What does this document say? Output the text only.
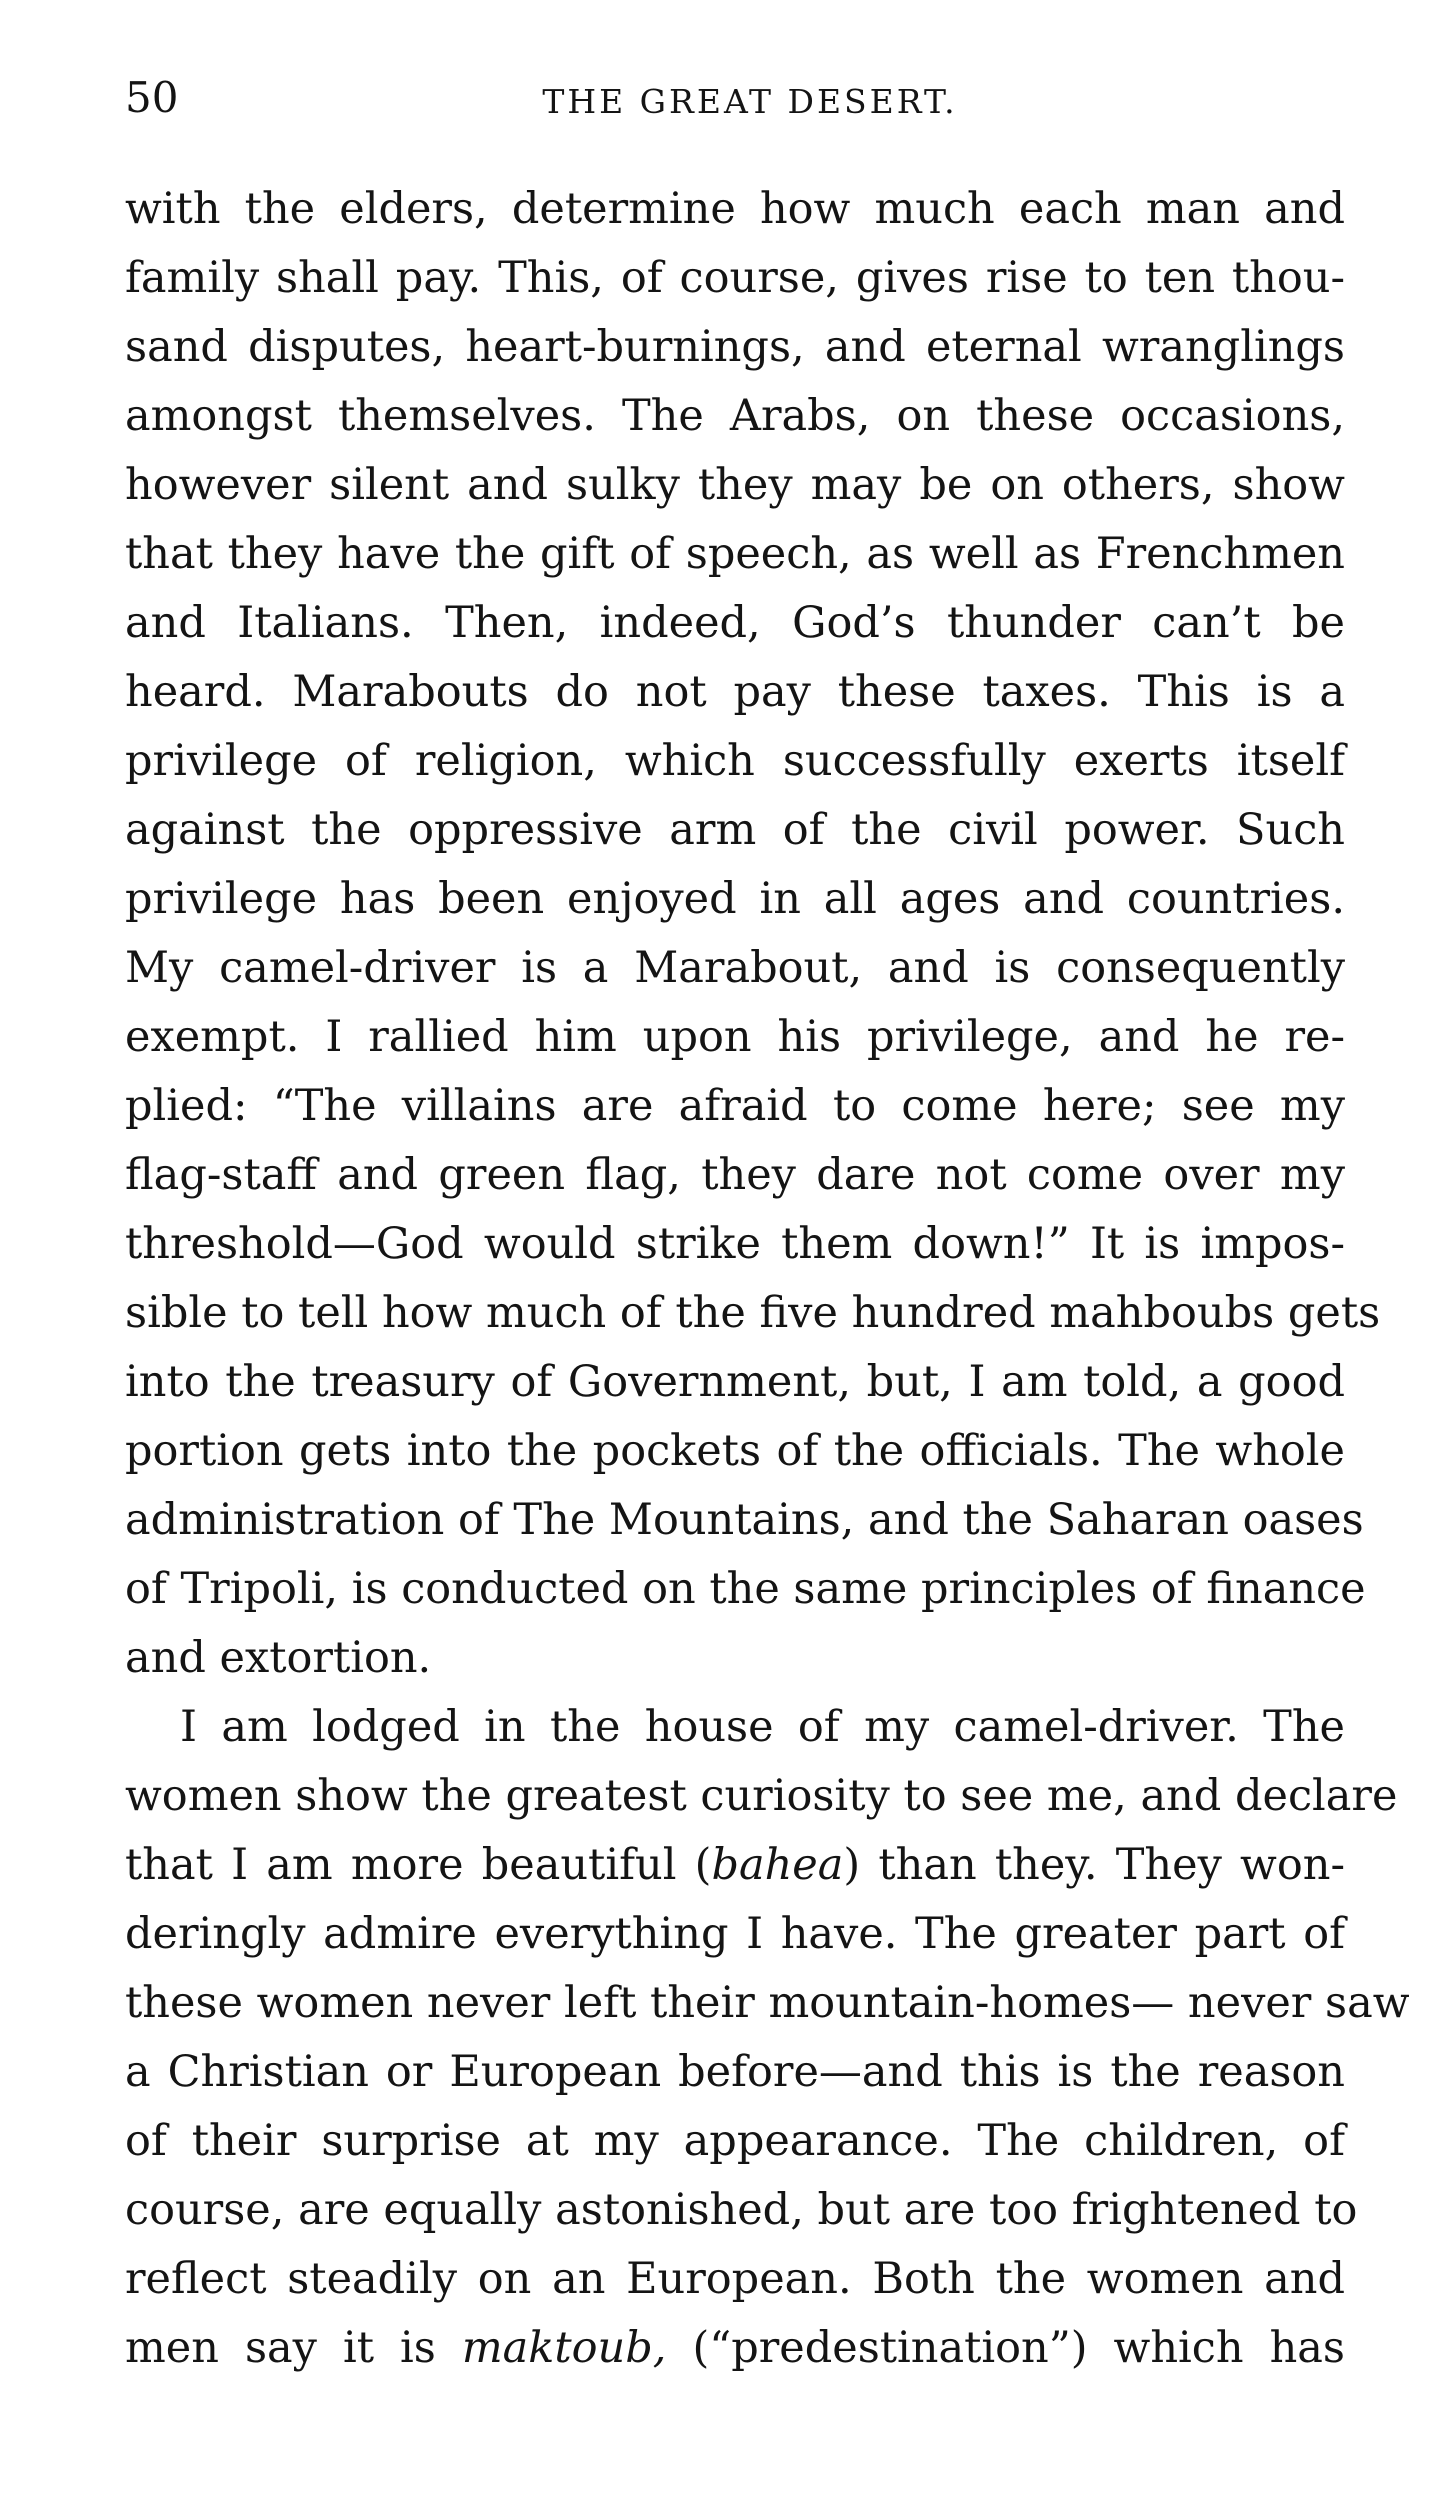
50	THE GREAT DESERT.
with the elders, determine how much each man and
family shall pay. This, of course, gives rise to ten thou-
sand disputes, heart-burnings, and eternal wranglings
amongst themselves. The Arabs, on these occasions,
however silent and sulky they may be on others, show
that they have the gift of speech, as well as Frenchmen
and Italians. Then, indeed, God’s thunder can’t be
heard. Marabouts do not pay these taxes. This is a
privilege of religion, which successfully exerts itself
against the oppressive arm of the civil power. Such
privilege has been enjoyed in all ages and countries.
My camel-driver is a Marabout, and is consequently
exempt. I rallied him upon his privilege, and he re-
plied: “The villains are afraid to come here; see my
flag-staff and green flag, they dare not come over my
threshold—God would strike them down!” It is impos-
sible to tell how much of the five hundred mahboubs gets
into the treasury of Government, but, I am told, a good
portion gets into the pockets of the officials. The whole
administration of The Mountains, and the Saharan oases
of Tripoli, is conducted on the same principles of finance
and extortion.
I am lodged in the house of my camel-driver. The
women show the greatest curiosity to see me, and declare
that I am more beautiful (bahea) than they. They won-
deringly admire everything I have. The greater part of
these women never left their mountain-homes— never saw
a Christian or European before—and this is the reason
of their surprise at my appearance. The children, of
course, are equally astonished, but are too frightened to
reflect steadily on an European. Both the women and
men say it is maktoub, (“predestination”) which has
